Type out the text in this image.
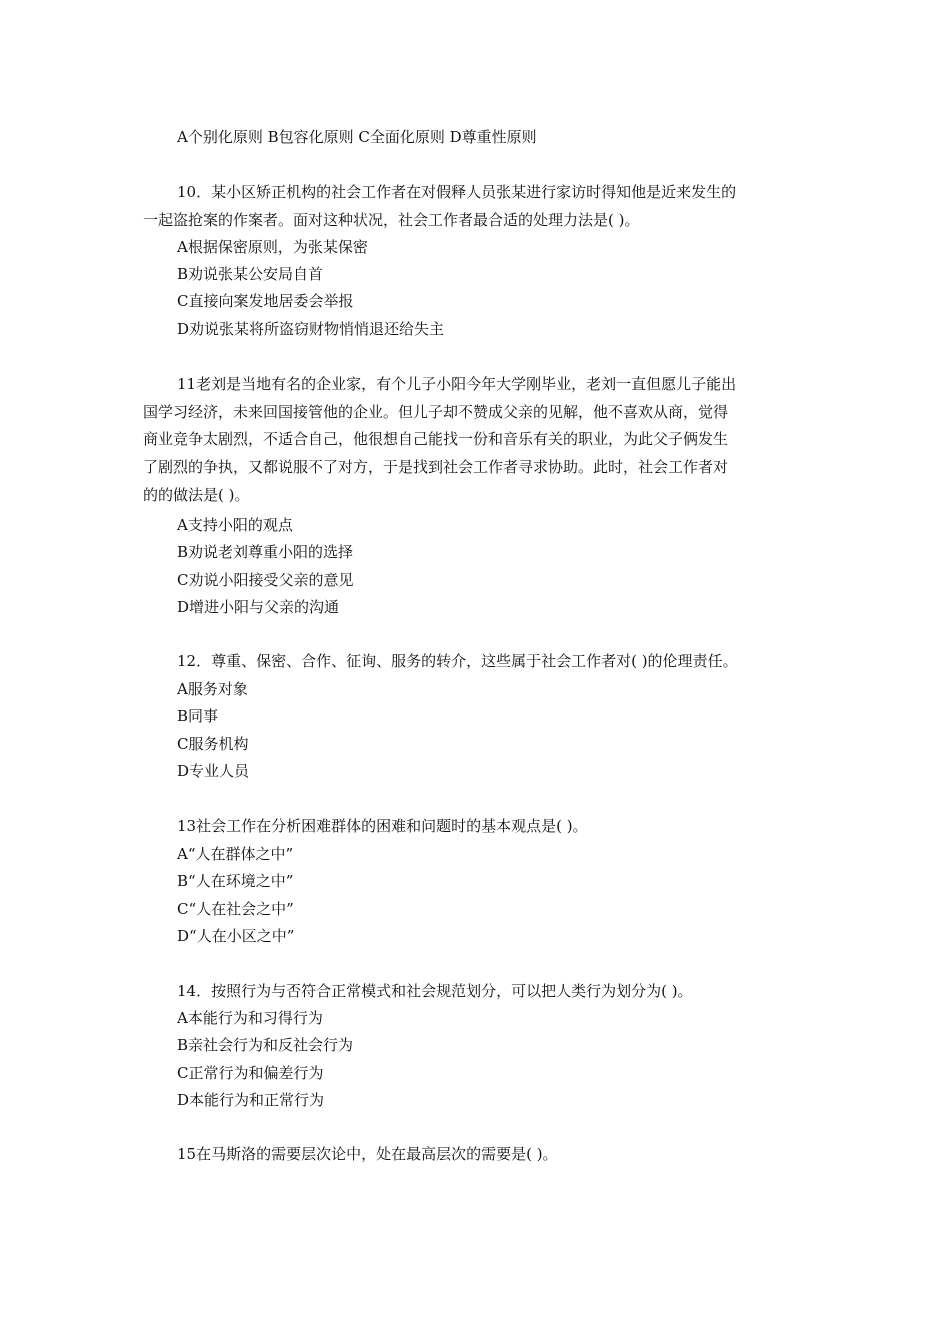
A个别化原则 B包容化原则 C全面化原则 D尊重性原则
10．某小区矫正机构的社会工作者在对假释人员张某进行家访时得知他是近来发生的
一起盗抢案的作案者。面对这种状况，社会工作者最合适的处理力法是( )。
A根据保密原则，为张某保密
B劝说张某公安局自首
C直接向案发地居委会举报
D劝说张某将所盗窃财物悄悄退还给失主
11老刘是当地有名的企业家，有个儿子小阳今年大学刚毕业，老刘一直但愿儿子能出
国学习经济，未来回国接管他的企业。但儿子却不赞成父亲的见解，他不喜欢从商，觉得
商业竞争太剧烈，不适合自己，他很想自己能找一份和音乐有关的职业，为此父子俩发生
了剧烈的争执，又都说服不了对方，于是找到社会工作者寻求协助。此时，社会工作者对
的的做法是( )。
A支持小阳的观点
B劝说老刘尊重小阳的选择
C劝说小阳接受父亲的意见
D增进小阳与父亲的沟通
12．尊重、保密、合作、征询、服务的转介，这些属于社会工作者对( )的伦理责任。
A服务对象
B同事
C服务机构
D专业人员
13社会工作在分析困难群体的困难和问题时的基本观点是( )。
A“人在群体之中”
B“人在环境之中”
C“人在社会之中”
D“人在小区之中”
14．按照行为与否符合正常模式和社会规范划分，可以把人类行为划分为( )。
A本能行为和习得行为
B亲社会行为和反社会行为
C正常行为和偏差行为
D本能行为和正常行为
15在马斯洛的需要层次论中，处在最高层次的需要是( )。
